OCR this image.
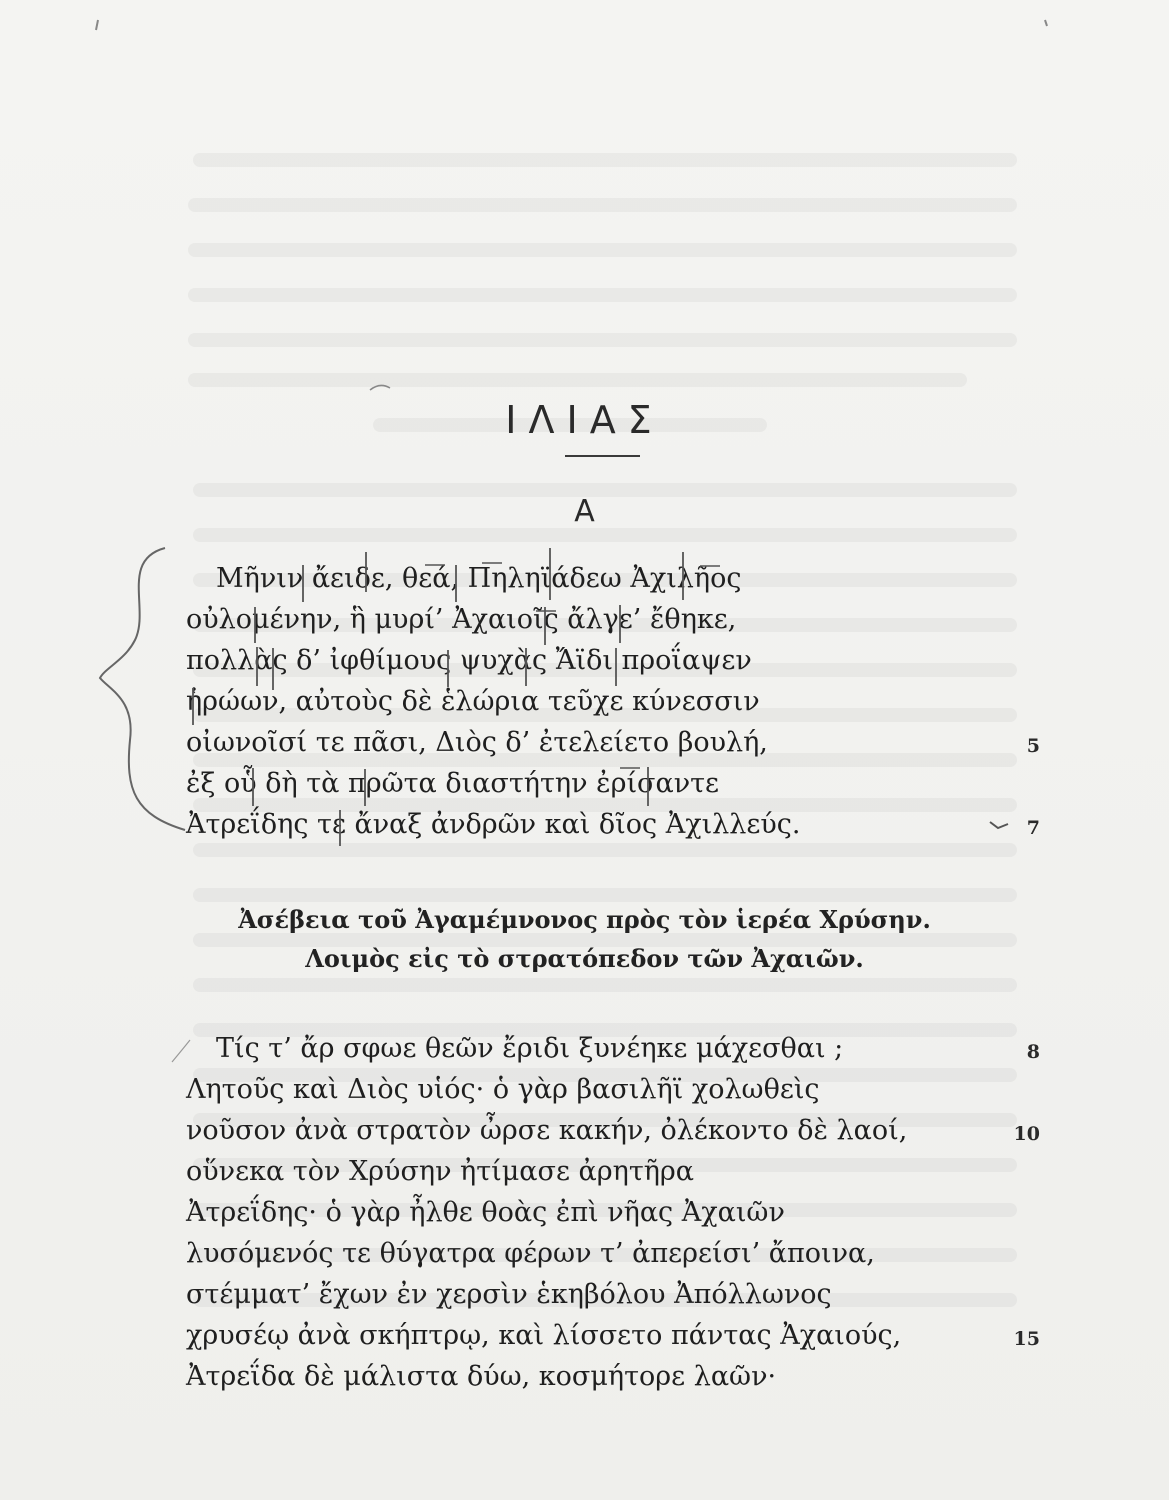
ΙΛΙΑΣ
Α
Μῆνιν ἄειδε, θεά, Πηληϊάδεω Ἀχιλῆος
οὐλομένην, ἣ μυρί’ Ἀχαιοῖς ἄλγε’ ἔθηκε,
πολλὰς δ’ ἰφθίμους ψυχὰς Ἄϊδι προΐαψεν
ἡρώων, αὐτοὺς δὲ ἑλώρια τεῦχε κύνεσσιν
οἰωνοῖσί τε πᾶσι, Διὸς δ’ ἐτελείετο βουλή,	5
ἐξ οὗ δὴ τὰ πρῶτα διαστήτην ἐρίσαντε
Ἀτρεΐδης τε ἄναξ ἀνδρῶν καὶ δῖος Ἀχιλλεύς.	7
Ἀσέβεια τοῦ Ἀγαμέμνονος πρὸς τὸν ἱερέα Χρύσην.
Λοιμὸς εἰς τὸ στρατόπεδον τῶν Ἀχαιῶν.
Τίς τ’ ἄρ σφωε θεῶν ἔριδι ξυνέηκε μάχεσθαι ;	8
Λητοῦς καὶ Διὸς υἱός· ὁ γὰρ βασιλῆϊ χολωθεὶς
νοῦσον ἀνὰ στρατὸν ὦρσε κακήν, ὀλέκοντο δὲ λαοί,	10
οὕνεκα τὸν Χρύσην ἠτίμασε ἀρητῆρα
Ἀτρεΐδης· ὁ γὰρ ἦλθε θοὰς ἐπὶ νῆας Ἀχαιῶν
λυσόμενός τε θύγατρα φέρων τ’ ἀπερείσι’ ἄποινα,
στέμματ’ ἔχων ἐν χερσὶν ἑκηβόλου Ἀπόλλωνος
χρυσέῳ ἀνὰ σκήπτρῳ, καὶ λίσσετο πάντας Ἀχαιούς,	15
Ἀτρεΐδα δὲ μάλιστα δύω, κοσμήτορε λαῶν·
